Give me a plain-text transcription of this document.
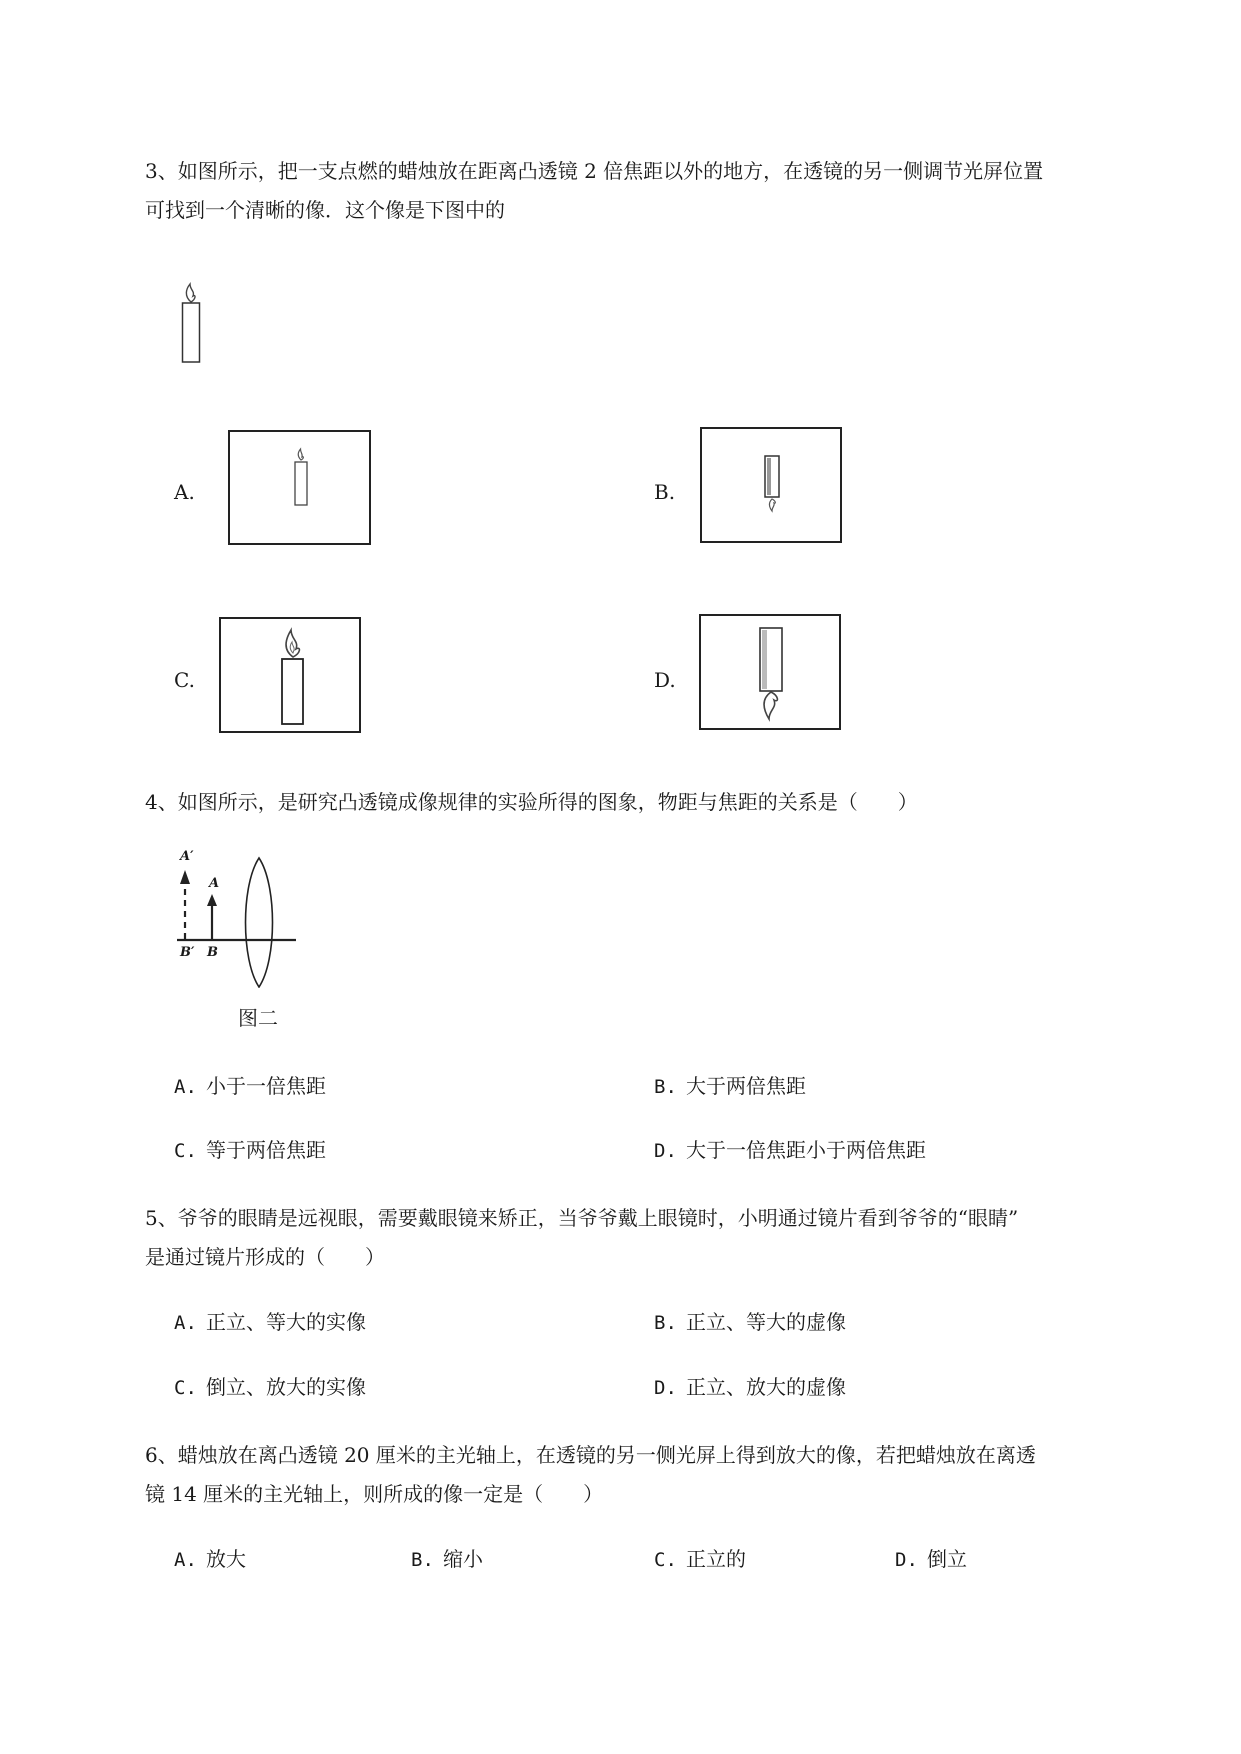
3、如图所示，把一支点燃的蜡烛放在距离凸透镜 2 倍焦距以外的地方，在透镜的另一侧调节光屏位置
可找到一个清晰的像．这个像是下图中的
A.	B.
C.	D.
4、如图所示，是研究凸透镜成像规律的实验所得的图象，物距与焦距的关系是（　　）
A′
A
B′ B
图二
A. 小于一倍焦距	B. 大于两倍焦距
C. 等于两倍焦距	D. 大于一倍焦距小于两倍焦距
5、爷爷的眼睛是远视眼，需要戴眼镜来矫正，当爷爷戴上眼镜时，小明通过镜片看到爷爷的“眼睛”
是通过镜片形成的（　　）
A. 正立、等大的实像	B. 正立、等大的虚像
C. 倒立、放大的实像	D. 正立、放大的虚像
6、蜡烛放在离凸透镜 20 厘米的主光轴上，在透镜的另一侧光屏上得到放大的像，若把蜡烛放在离透
镜 14 厘米的主光轴上，则所成的像一定是（　　）
A. 放大	B. 缩小	C. 正立的	D. 倒立
